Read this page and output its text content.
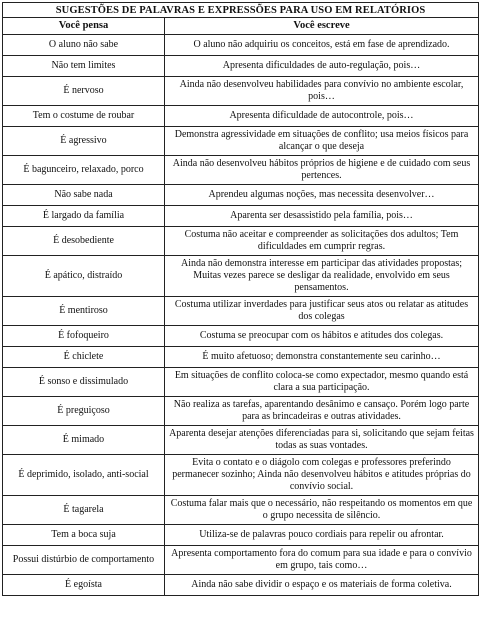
SUGESTÕES DE PALAVRAS E EXPRESSÕES PARA USO EM RELATÓRIOS	
Você pensa	Você escreve
O aluno não sabe	O aluno não adquiriu os conceitos, está em fase de aprendizado.
Não tem limites	Apresenta dificuldades de auto-regulação, pois…
É nervoso	Ainda não desenvolveu habilidades para convívio no ambiente escolar, pois…
Tem o costume de roubar	Apresenta dificuldade de autocontrole, pois…
É agressivo	Demonstra agressividade em situações de conflito; usa meios físicos para alcançar o que deseja
É bagunceiro, relaxado, porco	Ainda não desenvolveu hábitos próprios de higiene e de cuidado com seus pertences.
Não sabe nada	Aprendeu algumas noções, mas necessita desenvolver…
É largado da família	Aparenta ser desassistido pela família, pois…
É desobediente	Costuma não aceitar e compreender as solicitações dos adultos; Tem dificuldades em cumprir regras.
É apático, distraído	Ainda não demonstra interesse em participar das atividades propostas; Muitas vezes parece se desligar da realidade, envolvido em seus pensamentos.
É mentiroso	Costuma utilizar inverdades para justificar seus atos ou relatar as atitudes dos colegas
É fofoqueiro	Costuma se preocupar com os hábitos e atitudes dos colegas.
É chiclete	É muito afetuoso; demonstra constantemente seu carinho…
É sonso e dissimulado	Em situações de conflito coloca-se como expectador, mesmo quando está clara a sua participação.
É preguiçoso	Não realiza as tarefas, aparentando desânimo e cansaço. Porém logo parte para as brincadeiras e outras atividades.
É mimado	Aparenta desejar atenções diferenciadas para si, solicitando que sejam feitas todas as suas vontades.
É deprimido, isolado, anti-social	Evita o contato e o diágolo com colegas e professores preferindo permanecer sozinho; Ainda não desenvolveu hábitos e atitudes próprias do convívio social.
É tagarela	Costuma falar mais que o necessário, não respeitando os momentos em que o grupo necessita de silêncio.
Tem a boca suja	Utiliza-se de palavras pouco cordiais para repelir ou afrontar.
Possui distúrbio de comportamento	Apresenta comportamento fora do comum para sua idade e para o convívio em grupo, tais como…
É egoísta	Ainda não sabe dividir o espaço e os materiais de forma coletiva.
